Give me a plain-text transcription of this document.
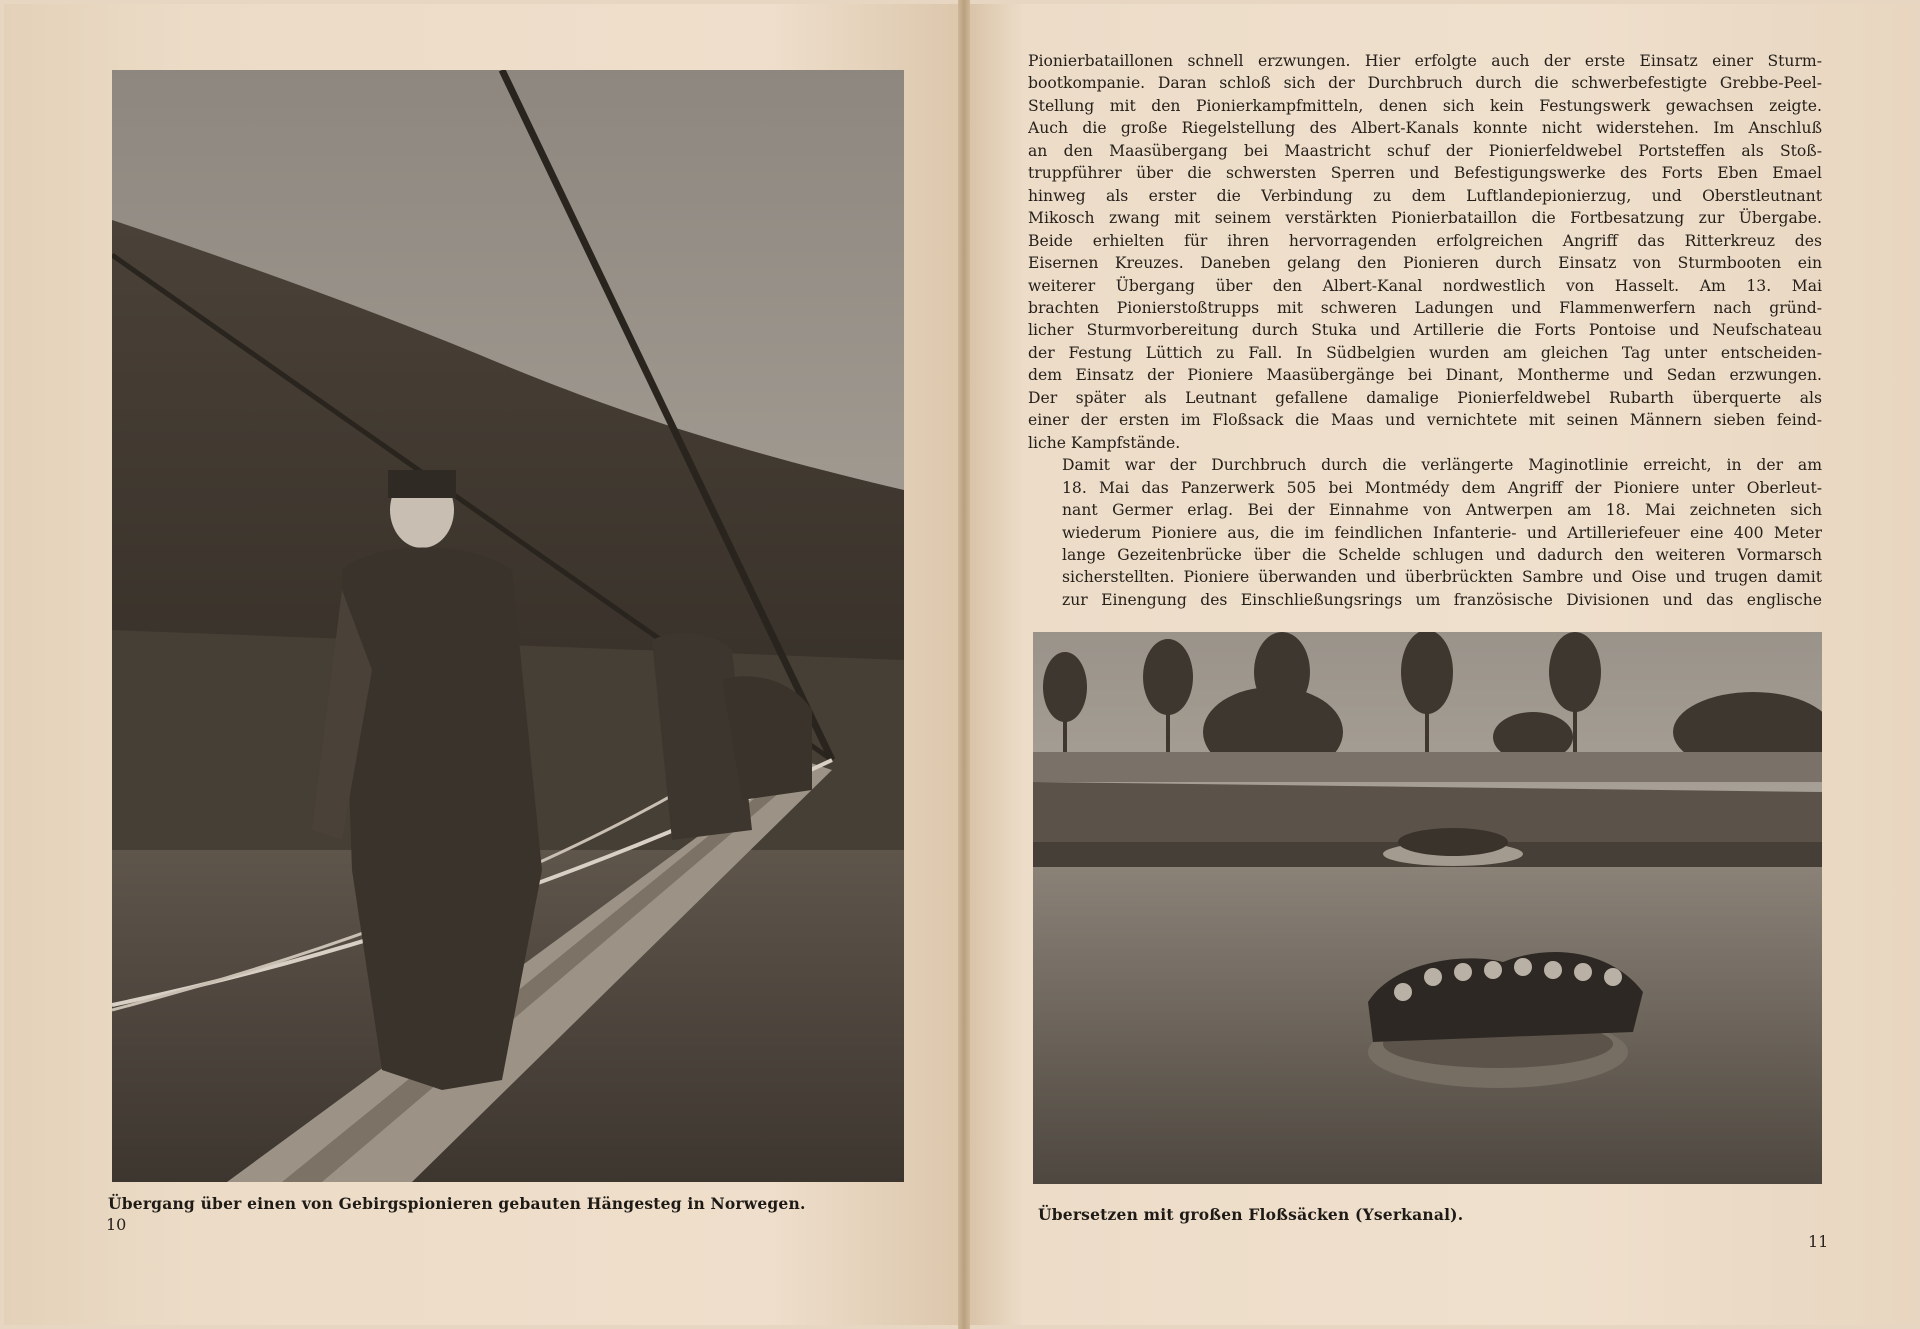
Übergang über einen von Gebirgspionieren gebauten Hängesteg in Norwegen.
10

Pionierbataillonen schnell erzwungen. Hier erfolgte auch der erste Einsatz einer Sturm-
bootkompanie. Daran schloß sich der Durchbruch durch die schwerbefestigte Grebbe-Peel-
Stellung mit den Pionierkampfmitteln, denen sich kein Festungswerk gewachsen zeigte.
Auch die große Riegelstellung des Albert-Kanals konnte nicht widerstehen. Im Anschluß
an den Maasübergang bei Maastricht schuf der Pionierfeldwebel Portsteffen als Stoß-
truppführer über die schwersten Sperren und Befestigungswerke des Forts Eben Emael
hinweg als erster die Verbindung zu dem Luftlandepionierzug, und Oberstleutnant
Mikosch zwang mit seinem verstärkten Pionierbataillon die Fortbesatzung zur Übergabe.
Beide erhielten für ihren hervorragenden erfolgreichen Angriff das Ritterkreuz des
Eisernen Kreuzes. Daneben gelang den Pionieren durch Einsatz von Sturmbooten ein
weiterer Übergang über den Albert-Kanal nordwestlich von Hasselt. Am 13. Mai
brachten Pionierstoßtrupps mit schweren Ladungen und Flammenwerfern nach gründ-
licher Sturmvorbereitung durch Stuka und Artillerie die Forts Pontoise und Neufschateau
der Festung Lüttich zu Fall. In Südbelgien wurden am gleichen Tag unter entscheiden-
dem Einsatz der Pioniere Maasübergänge bei Dinant, Montherme und Sedan erzwungen.
Der später als Leutnant gefallene damalige Pionierfeldwebel Rubarth überquerte als
einer der ersten im Floßsack die Maas und vernichtete mit seinen Männern sieben feind-
liche Kampfstände.

Damit war der Durchbruch durch die verlängerte Maginotlinie erreicht, in der am
18. Mai das Panzerwerk 505 bei Montmédy dem Angriff der Pioniere unter Oberleut-
nant Germer erlag. Bei der Einnahme von Antwerpen am 18. Mai zeichneten sich
wiederum Pioniere aus, die im feindlichen Infanterie- und Artilleriefeuer eine 400 Meter
lange Gezeitenbrücke über die Schelde schlugen und dadurch den weiteren Vormarsch
sicherstellten. Pioniere überwanden und überbrückten Sambre und Oise und trugen damit
zur Einengung des Einschließungsrings um französische Divisionen und das englische

Übersetzen mit großen Floßsäcken (Yserkanal).
11
